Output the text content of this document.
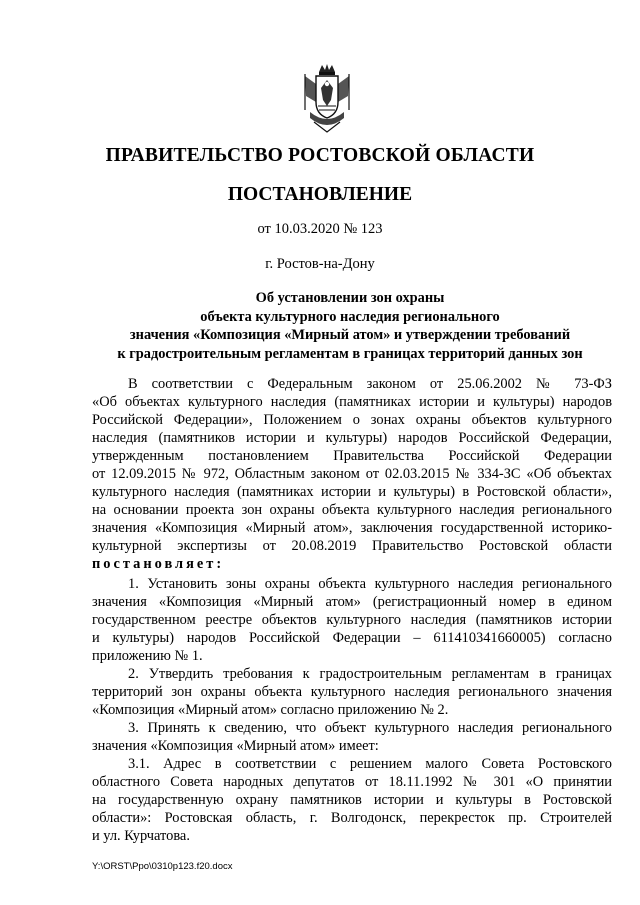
ПРАВИТЕЛЬСТВО РОСТОВСКОЙ ОБЛАСТИ
ПОСТАНОВЛЕНИЕ
от 10.03.2020 № 123
г. Ростов-на-Дону
Об установлении зон охраны
объекта культурного наследия регионального
значения «Композиция «Мирный атом» и утверждении требований
к градостроительным регламентам в границах территорий данных зон
В соответствии с Федеральным законом от 25.06.2002 № 73-ФЗ
«Об объектах культурного наследия (памятниках истории и культуры) народов
Российской Федерации», Положением о зонах охраны объектов культурного
наследия (памятников истории и культуры) народов Российской Федерации,
утвержденным постановлением Правительства Российской Федерации
от 12.09.2015 № 972, Областным законом от 02.03.2015 № 334-ЗС «Об объектах
культурного наследия (памятниках истории и культуры) в Ростовской области»,
на основании проекта зон охраны объекта культурного наследия регионального
значения «Композиция «Мирный атом», заключения государственной историко-
культурной экспертизы от 20.08.2019 Правительство Ростовской области
постановляет:
1. Установить зоны охраны объекта культурного наследия регионального
значения «Композиция «Мирный атом» (регистрационный номер в едином
государственном реестре объектов культурного наследия (памятников истории
и культуры) народов Российской Федерации – 611410341660005) согласно
приложению № 1.
2. Утвердить требования к градостроительным регламентам в границах
территорий зон охраны объекта культурного наследия регионального значения
«Композиция «Мирный атом» согласно приложению № 2.
3. Принять к сведению, что объект культурного наследия регионального
значения «Композиция «Мирный атом» имеет:
3.1. Адрес в соответствии с решением малого Совета Ростовского
областного Совета народных депутатов от 18.11.1992 № 301 «О принятии
на государственную охрану памятников истории и культуры в Ростовской
области»: Ростовская область, г. Волгодонск, перекресток пр. Строителей
и ул. Курчатова.
Y:\ORST\Ppo\0310p123.f20.docx
